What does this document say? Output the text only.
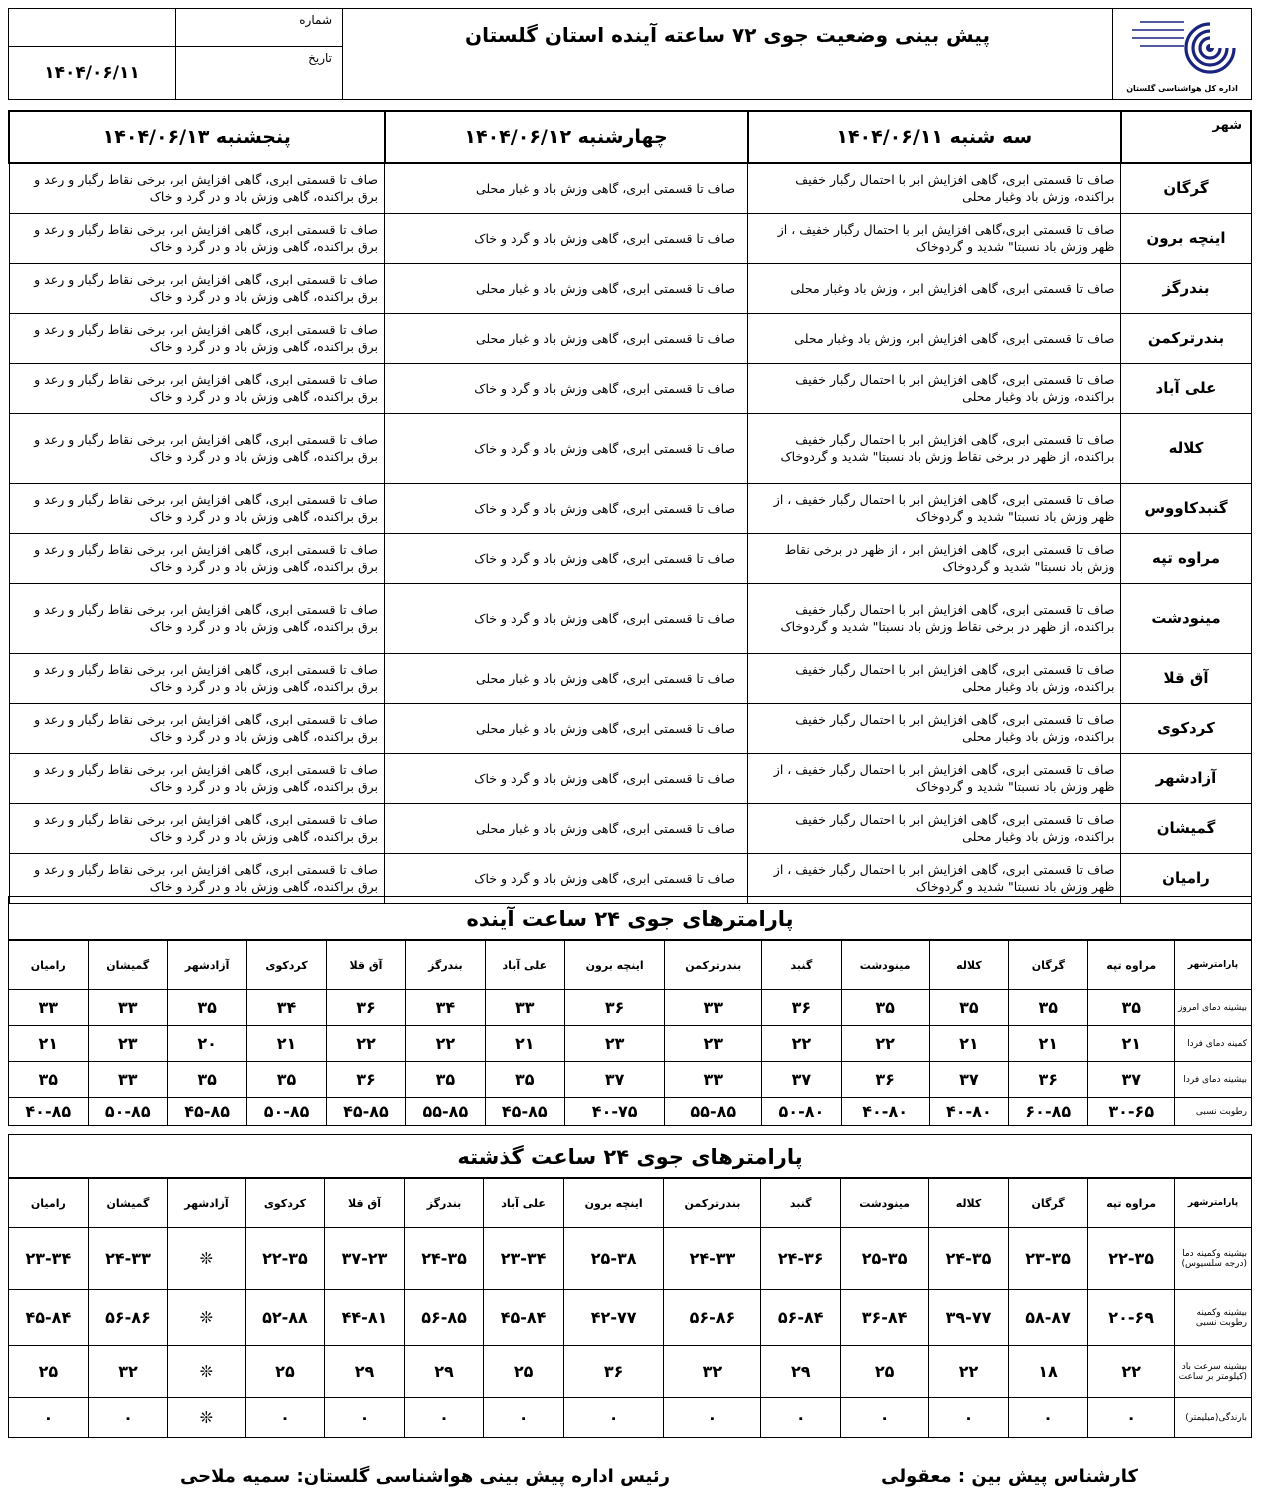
	شماره	پیش بینی وضعیت جوی ۷۲ ساعته آینده استان گلستان	اداره کل هواشناسی گلستان

۱۴۰۴/۰۶/۱۱	تاریخ		
شهر	سه شنبه ۱۴۰۴/۰۶/۱۱	چهارشنبه ۱۴۰۴/۰۶/۱۲	پنجشنبه ۱۴۰۴/۰۶/۱۳
گرگان	صاف تا قسمتی ابری، گاهی افزایش ابر با احتمال رگبار خفیف براکنده، وزش باد وغبار محلی	صاف تا قسمتی ابری، گاهی وزش باد و غبار محلی	صاف تا قسمتی ابری، گاهی افزایش ابر، برخی نقاط رگبار و رعد و برق براکنده، گاهی وزش باد و در گرد و خاک
اینچه برون	صاف تا قسمتی ابری،گاهی افزایش ابر با احتمال رگبار خفیف ، از ظهر وزش باد نسبتا" شدید و گردوخاک	صاف تا قسمتی ابری، گاهی وزش باد و گرد و خاک	صاف تا قسمتی ابری، گاهی افزایش ابر، برخی نقاط رگبار و رعد و برق براکنده، گاهی وزش باد و در گرد و خاک
بندرگز	صاف تا قسمتی ابری، گاهی افزایش ابر ، وزش باد وغبار محلی	صاف تا قسمتی ابری، گاهی وزش باد و غبار محلی	صاف تا قسمتی ابری، گاهی افزایش ابر، برخی نقاط رگبار و رعد و برق براکنده، گاهی وزش باد و در گرد و خاک
بندرترکمن	صاف تا قسمتی ابری، گاهی افزایش ابر، وزش باد وغبار محلی	صاف تا قسمتی ابری، گاهی وزش باد و غبار محلی	صاف تا قسمتی ابری، گاهی افزایش ابر، برخی نقاط رگبار و رعد و برق براکنده، گاهی وزش باد و در گرد و خاک
علی آباد	صاف تا قسمتی ابری، گاهی افزایش ابر با احتمال رگبار خفیف براکنده، وزش باد وغبار محلی	صاف تا قسمتی ابری، گاهی وزش باد و گرد و خاک	صاف تا قسمتی ابری، گاهی افزایش ابر، برخی نقاط رگبار و رعد و برق براکنده، گاهی وزش باد و در گرد و خاک
کلاله	صاف تا قسمتی ابری، گاهی افزایش ابر با احتمال رگبار خفیف براکنده، از ظهر در برخی نقاط وزش باد نسبتا" شدید و گردوخاک	صاف تا قسمتی ابری، گاهی وزش باد و گرد و خاک	صاف تا قسمتی ابری، گاهی افزایش ابر، برخی نقاط رگبار و رعد و برق براکنده، گاهی وزش باد و در گرد و خاک
گنبدکاووس	صاف تا قسمتی ابری، گاهی افزایش ابر با احتمال رگبار خفیف ، از ظهر وزش باد نسبتا" شدید و گردوخاک	صاف تا قسمتی ابری، گاهی وزش باد و گرد و خاک	صاف تا قسمتی ابری، گاهی افزایش ابر، برخی نقاط رگبار و رعد و برق براکنده، گاهی وزش باد و در گرد و خاک
مراوه تپه	صاف تا قسمتی ابری، گاهی افزایش ابر ، از ظهر در برخی نقاط وزش باد نسبتا" شدید و گردوخاک	صاف تا قسمتی ابری، گاهی وزش باد و گرد و خاک	صاف تا قسمتی ابری، گاهی افزایش ابر، برخی نقاط رگبار و رعد و برق براکنده، گاهی وزش باد و در گرد و خاک
مینودشت	صاف تا قسمتی ابری، گاهی افزایش ابر با احتمال رگبار خفیف براکنده، از ظهر در برخی نقاط وزش باد نسبتا" شدید و گردوخاک	صاف تا قسمتی ابری، گاهی وزش باد و گرد و خاک	صاف تا قسمتی ابری، گاهی افزایش ابر، برخی نقاط رگبار و رعد و برق براکنده، گاهی وزش باد و در گرد و خاک
آق قلا	صاف تا قسمتی ابری، گاهی افزایش ابر با احتمال رگبار خفیف براکنده، وزش باد وغبار محلی	صاف تا قسمتی ابری، گاهی وزش باد و غبار محلی	صاف تا قسمتی ابری، گاهی افزایش ابر، برخی نقاط رگبار و رعد و برق براکنده، گاهی وزش باد و در گرد و خاک
کردکوی	صاف تا قسمتی ابری، گاهی افزایش ابر با احتمال رگبار خفیف براکنده، وزش باد وغبار محلی	صاف تا قسمتی ابری، گاهی وزش باد و غبار محلی	صاف تا قسمتی ابری، گاهی افزایش ابر، برخی نقاط رگبار و رعد و برق براکنده، گاهی وزش باد و در گرد و خاک
آزادشهر	صاف تا قسمتی ابری، گاهی افزایش ابر با احتمال رگبار خفیف ، از ظهر وزش باد نسبتا" شدید و گردوخاک	صاف تا قسمتی ابری، گاهی وزش باد و گرد و خاک	صاف تا قسمتی ابری، گاهی افزایش ابر، برخی نقاط رگبار و رعد و برق براکنده، گاهی وزش باد و در گرد و خاک
گمیشان	صاف تا قسمتی ابری، گاهی افزایش ابر با احتمال رگبار خفیف براکنده، وزش باد وغبار محلی	صاف تا قسمتی ابری، گاهی وزش باد و غبار محلی	صاف تا قسمتی ابری، گاهی افزایش ابر، برخی نقاط رگبار و رعد و برق براکنده، گاهی وزش باد و در گرد و خاک
رامیان	صاف تا قسمتی ابری، گاهی افزایش ابر با احتمال رگبار خفیف ، از ظهر وزش باد نسبتا" شدید و گردوخاک	صاف تا قسمتی ابری، گاهی وزش باد و گرد و خاک	صاف تا قسمتی ابری، گاهی افزایش ابر، برخی نقاط رگبار و رعد و برق براکنده، گاهی وزش باد و در گرد و خاک
پارامترهای جوی ۲۴ ساعت آینده
پارامترشهر	مراوه تپه	گرگان	کلاله	مینودشت	گنبد	بندرترکمن	اینچه برون	علی آباد	بندرگز	آق قلا	کردکوی	آزادشهر	گمیشان	رامیان
بیشینه دمای امروز	۳۵	۳۵	۳۵	۳۵	۳۶	۳۳	۳۶	۳۳	۳۴	۳۶	۳۴	۳۵	۳۳	۳۳
کمینه دمای فردا	۲۱	۲۱	۲۱	۲۲	۲۲	۲۳	۲۳	۲۱	۲۲	۲۲	۲۱	۲۰	۲۳	۲۱
بیشینه دمای فردا	۳۷	۳۶	۳۷	۳۶	۳۷	۳۳	۳۷	۳۵	۳۵	۳۶	۳۵	۳۵	۳۳	۳۵
رطوبت نسبی	۳۰-۶۵	۶۰-۸۵	۴۰-۸۰	۴۰-۸۰	۵۰-۸۰	۵۵-۸۵	۴۰-۷۵	۴۵-۸۵	۵۵-۸۵	۴۵-۸۵	۵۰-۸۵	۴۵-۸۵	۵۰-۸۵	۴۰-۸۵
پارامترهای جوی ۲۴ ساعت گذشته
پارامترشهر	مراوه تپه	گرگان	کلاله	مینودشت	گنبد	بندرترکمن	اینچه برون	علی آباد	بندرگز	آق قلا	کردکوی	آزادشهر	گمیشان	رامیان
بیشینه وکمینه دما (درجه سلسیوس)	۲۲-۳۵	۲۳-۳۵	۲۴-۳۵	۲۵-۳۵	۲۴-۳۶	۲۴-۳۳	۲۵-۳۸	۲۳-۳۴	۲۴-۳۵	۳۷-۲۳	۲۲-۳۵	❊	۲۴-۳۳	۲۳-۳۴
بیشینه وکمینه رطوبت نسبی	۲۰-۶۹	۵۸-۸۷	۳۹-۷۷	۳۶-۸۴	۵۶-۸۴	۵۶-۸۶	۴۲-۷۷	۴۵-۸۴	۵۶-۸۵	۴۴-۸۱	۵۲-۸۸	❊	۵۶-۸۶	۴۵-۸۴
بیشینه سرعت باد (کیلومتر بر ساعت	۲۲	۱۸	۲۲	۲۵	۲۹	۳۲	۳۶	۲۵	۲۹	۲۹	۲۵	❊	۳۲	۲۵
بارندگی(میلیمتر)	۰	۰	۰	۰	۰	۰	۰	۰	۰	۰	۰	❊	۰	۰
کارشناس پیش بین : معقولی
رئیس اداره پیش بینی هواشناسی گلستان: سمیه ملاحی
